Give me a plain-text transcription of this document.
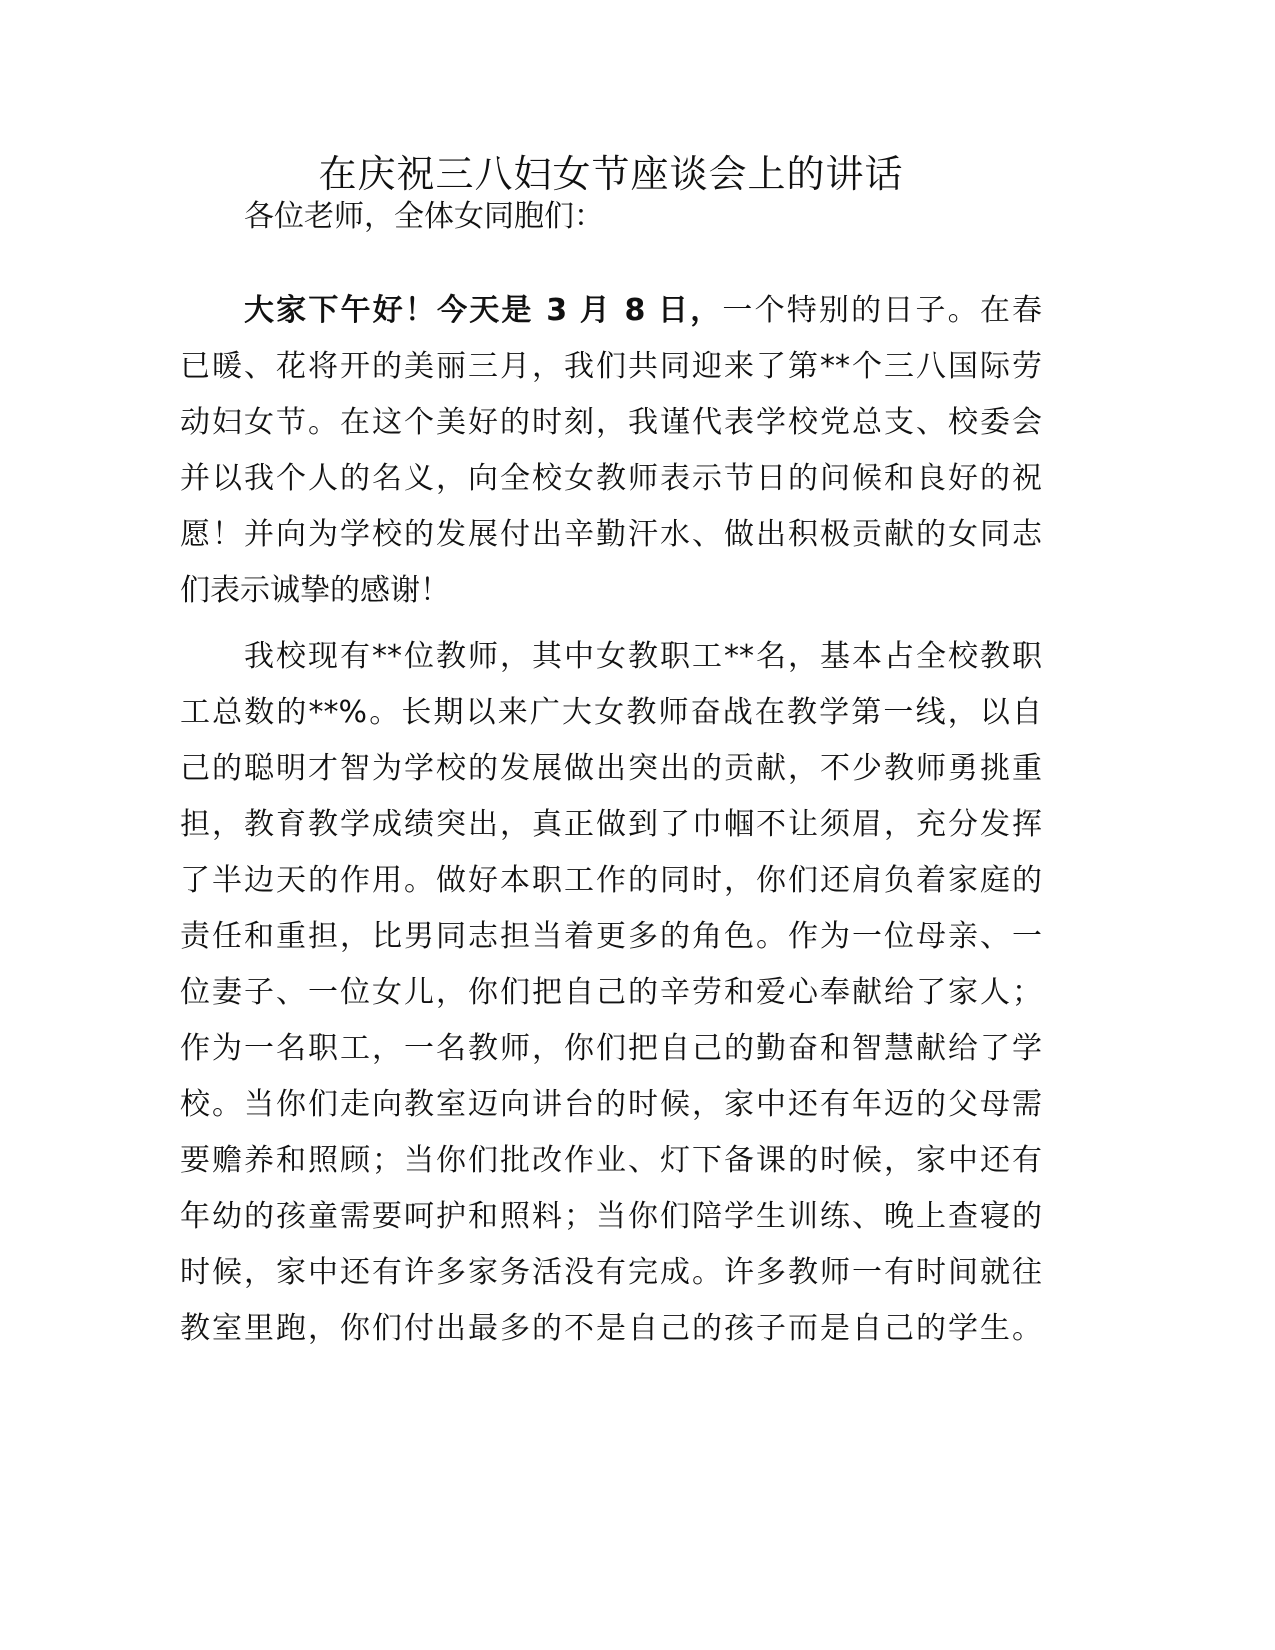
在庆祝三八妇女节座谈会上的讲话
各位老师，全体女同胞们：
大家下午好！今天是 3 月 8 日，一个特别的日子。在春
已暖、花将开的美丽三月，我们共同迎来了第**个三八国际劳
动妇女节。在这个美好的时刻，我谨代表学校党总支、校委会
并以我个人的名义，向全校女教师表示节日的问候和良好的祝
愿！并向为学校的发展付出辛勤汗水、做出积极贡献的女同志
们表示诚挚的感谢！
我校现有**位教师，其中女教职工**名，基本占全校教职
工总数的**%。长期以来广大女教师奋战在教学第一线，以自
己的聪明才智为学校的发展做出突出的贡献，不少教师勇挑重
担，教育教学成绩突出，真正做到了巾帼不让须眉，充分发挥
了半边天的作用。做好本职工作的同时，你们还肩负着家庭的
责任和重担，比男同志担当着更多的角色。作为一位母亲、一
位妻子、一位女儿，你们把自己的辛劳和爱心奉献给了家人；
作为一名职工，一名教师，你们把自己的勤奋和智慧献给了学
校。当你们走向教室迈向讲台的时候，家中还有年迈的父母需
要赡养和照顾；当你们批改作业、灯下备课的时候，家中还有
年幼的孩童需要呵护和照料；当你们陪学生训练、晚上查寝的
时候，家中还有许多家务活没有完成。许多教师一有时间就往
教室里跑，你们付出最多的不是自己的孩子而是自己的学生。
